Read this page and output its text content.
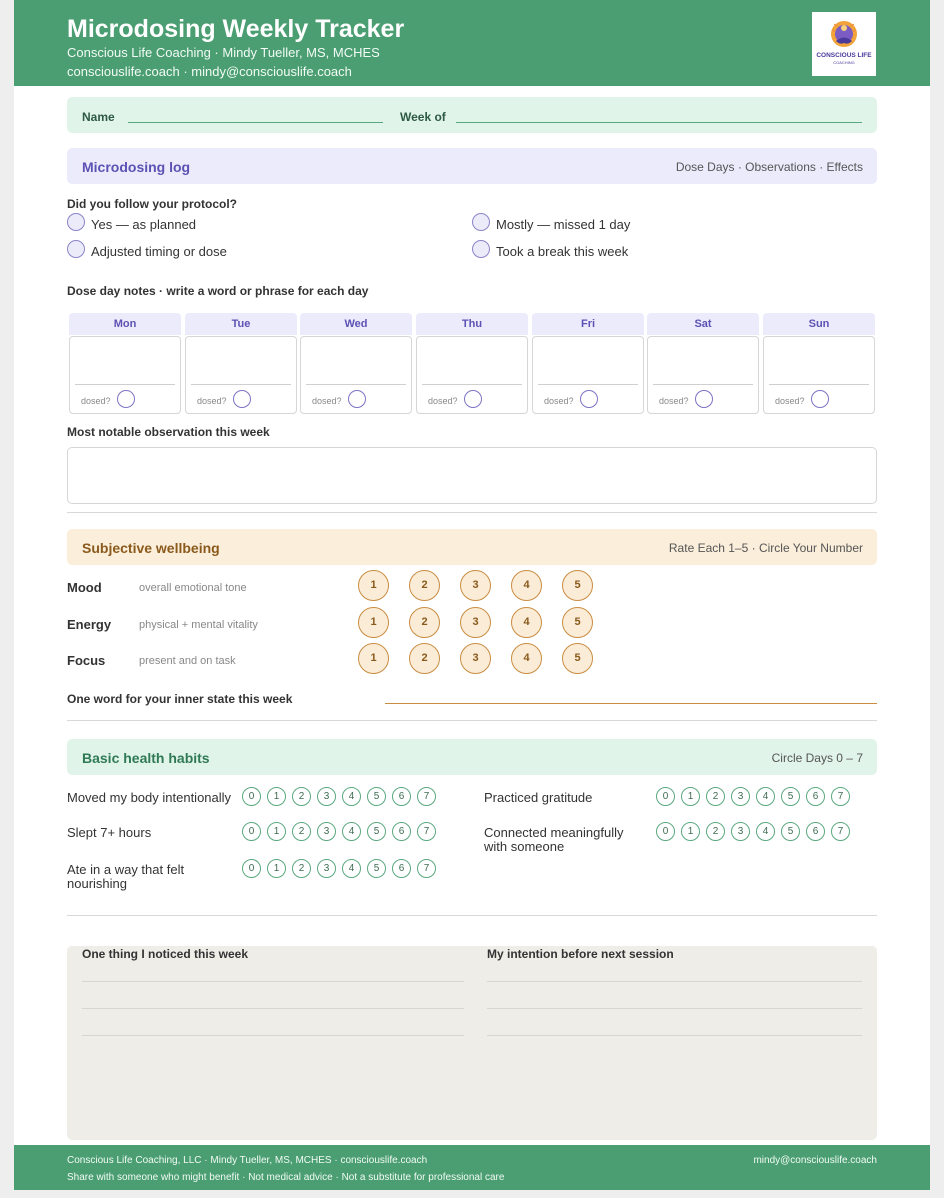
Microdosing Weekly Tracker
Conscious Life Coaching · Mindy Tueller, MS, MCHES
consciouslife.coach · mindy@consciouslife.coach
CONSCIOUS LIFE
COACHING
Name	Week of
Microdosing log	Dose Days · Observations · Effects
Did you follow your protocol?
Yes — as planned	Mostly — missed 1 day
Adjusted timing or dose	Took a break this week
Dose day notes · write a word or phrase for each day
Mon
dosed?
Tue
dosed?
Wed
dosed?
Thu
dosed?
Fri
dosed?
Sat
dosed?
Sun
dosed?
Most notable observation this week
Subjective wellbeing	Rate Each 1–5 · Circle Your Number
Mood	overall emotional tone	1	2	3	4	5
Energy	physical + mental vitality	1	2	3	4	5
Focus	present and on task	1	2	3	4	5
One word for your inner state this week
Basic health habits	Circle Days 0 – 7
Moved my body intentionally	0	1	2	3	4	5	6	7
Slept 7+ hours	0	1	2	3	4	5	6	7
Ate in a way that felt nourishing
0	1	2	3	4	5	6	7
Practiced gratitude	0	1	2	3	4	5	6	7
Connected meaningfully with someone
0	1	2	3	4	5	6	7
One thing I noticed this week	My intention before next session
Conscious Life Coaching, LLC · Mindy Tueller, MS, MCHES · consciouslife.coach
Share with someone who might benefit · Not medical advice · Not a substitute for professional care
mindy@consciouslife.coach
